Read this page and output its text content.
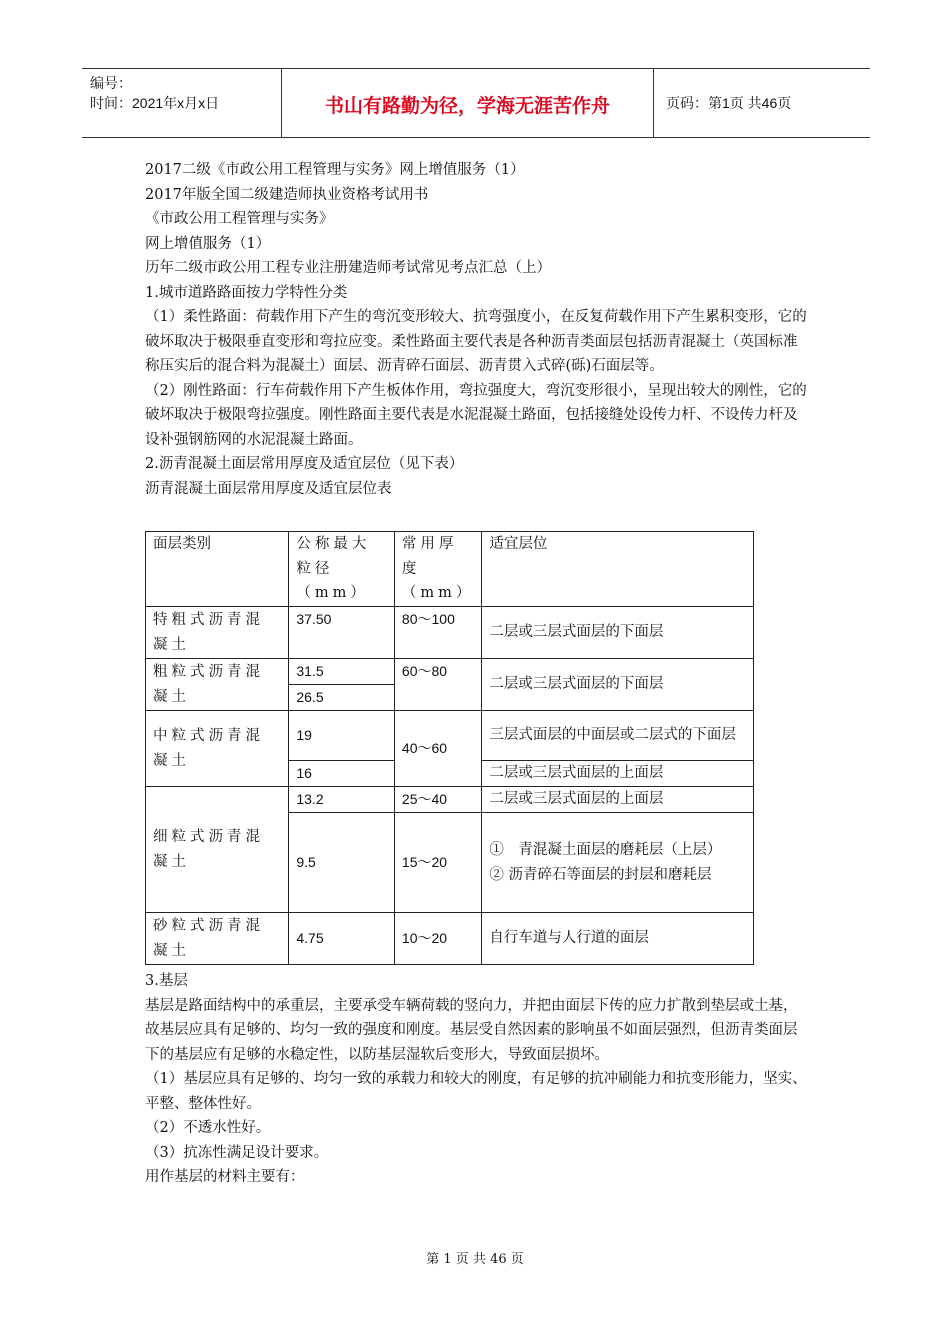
编号：
时间：2021年x月x日	书山有路勤为径，学海无涯苦作舟	页码：第1页 共46页

2017二级《市政公用工程管理与实务》网上增值服务（1）

2017年版全国二级建造师执业资格考试用书

《市政公用工程管理与实务》

网上增值服务（1）

历年二级市政公用工程专业注册建造师考试常见考点汇总（上）

1.城市道路路面按力学特性分类

（1）柔性路面：荷载作用下产生的弯沉变形较大、抗弯强度小，在反复荷载作用下产生累积变形，它的破坏取决于极限垂直变形和弯拉应变。柔性路面主要代表是各种沥青类面层包括沥青混凝土（英国标准称压实后的混合料为混凝土）面层、沥青碎石面层、沥青贯入式碎(砾)石面层等。

（2）刚性路面：行车荷载作用下产生板体作用，弯拉强度大，弯沉变形很小，呈现出较大的刚性，它的破坏取决于极限弯拉强度。刚性路面主要代表是水泥混凝土路面，包括接缝处设传力杆、不设传力杆及设补强钢筋网的水泥混凝土路面。

2.沥青混凝土面层常用厚度及适宜层位（见下表）

沥青混凝土面层常用厚度及适宜层位表

面层类别	公称最大粒径（mm）	常用厚度（mm）	适宜层位
特粗式沥青混凝土	37.50	80～100	二层或三层式面层的下面层
粗粒式沥青混凝土	31.5	60～80	二层或三层式面层的下面层
	26.5		
中粒式沥青混凝土	19	40～60	三层式面层的中面层或二层式的下面层
	16		二层或三层式面层的上面层
细粒式沥青混凝土	13.2	25～40	二层或三层式面层的上面层
	9.5	15～20	①　青混凝土面层的磨耗层（上层）
② 沥青碎石等面层的封层和磨耗层

砂粒式沥青混凝土	4.75	10～20	自行车道与人行道的面层

3.基层

基层是路面结构中的承重层，主要承受车辆荷载的竖向力，并把由面层下传的应力扩散到垫层或土基，故基层应具有足够的、均匀一致的强度和刚度。基层受自然因素的影响虽不如面层强烈，但沥青类面层下的基层应有足够的水稳定性，以防基层湿软后变形大，导致面层损坏。

（1）基层应具有足够的、均匀一致的承载力和较大的刚度，有足够的抗冲刷能力和抗变形能力，坚实、平整、整体性好。

（2）不透水性好。

（3）抗冻性满足设计要求。

用作基层的材料主要有：

第 1 页 共 46 页
